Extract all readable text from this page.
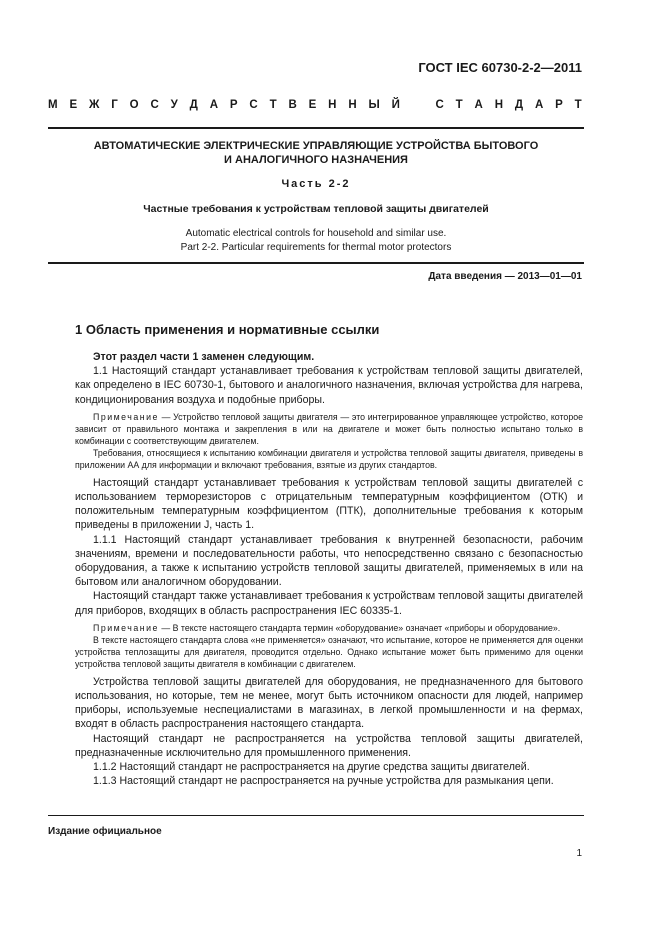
ГОСТ IEC 60730-2-2—2011
М Е Ж Г О С У Д А Р С Т В Е Н Н Ы Й	С Т А Н Д А Р Т
АВТОМАТИЧЕСКИЕ ЭЛЕКТРИЧЕСКИЕ УПРАВЛЯЮЩИЕ УСТРОЙСТВА БЫТОВОГО
И АНАЛОГИЧНОГО НАЗНАЧЕНИЯ
Часть 2-2
Частные требования к устройствам тепловой защиты двигателей
Automatic electrical controls for household and similar use.
Part 2-2. Particular requirements for thermal motor protectors
Дата введения — 2013—01—01
1 Область применения и нормативные ссылки

Этот раздел части 1 заменен следующим.

1.1 Настоящий стандарт устанавливает требования к устройствам тепловой защиты двигателей, как определено в IEC 60730-1, бытового и аналогичного назначения, включая устройства для нагрева, кондиционирования воздуха и подобные приборы.

Примечание — Устройство тепловой защиты двигателя — это интегрированное управляющее устройство, которое зависит от правильного монтажа и закрепления в или на двигателе и может быть полностью испытано только в комбинации с соответствующим двигателем.

Требования, относящиеся к испытанию комбинации двигателя и устройства тепловой защиты двигателя, приведены в приложении АА для информации и включают требования, взятые из других стандартов.

Настоящий стандарт устанавливает требования к устройствам тепловой защиты двигателей с использованием терморезисторов с отрицательным температурным коэффициентом (ОТК) и положительным температурным коэффициентом (ПТК), дополнительные требования к которым приведены в приложении J, часть 1.

1.1.1 Настоящий стандарт устанавливает требования к внутренней безопасности, рабочим значениям, времени и последовательности работы, что непосредственно связано с безопасностью оборудования, а также к испытанию устройств тепловой защиты двигателей, применяемых в или на бытовом или аналогичном оборудовании.

Настоящий стандарт также устанавливает требования к устройствам тепловой защиты двигателей для приборов, входящих в область распространения IEC 60335-1.

Примечание — В тексте настоящего стандарта термин «оборудование» означает «приборы и оборудование».

В тексте настоящего стандарта слова «не применяется» означают, что испытание, которое не применяется для оценки устройства теплозащиты для двигателя, проводится отдельно. Однако испытание может быть применимо для оценки устройства тепловой защиты двигателя в комбинации с двигателем.

Устройства тепловой защиты двигателей для оборудования, не предназначенного для бытового использования, но которые, тем не менее, могут быть источником опасности для людей, например приборы, используемые неспециалистами в магазинах, в легкой промышленности и на фермах, входят в область распространения настоящего стандарта.

Настоящий стандарт не распространяется на устройства тепловой защиты двигателей, предназначенные исключительно для промышленного применения.

1.1.2 Настоящий стандарт не распространяется на другие средства защиты двигателей.

1.1.3 Настоящий стандарт не распространяется на ручные устройства для размыкания цепи.

Издание официальное
1
